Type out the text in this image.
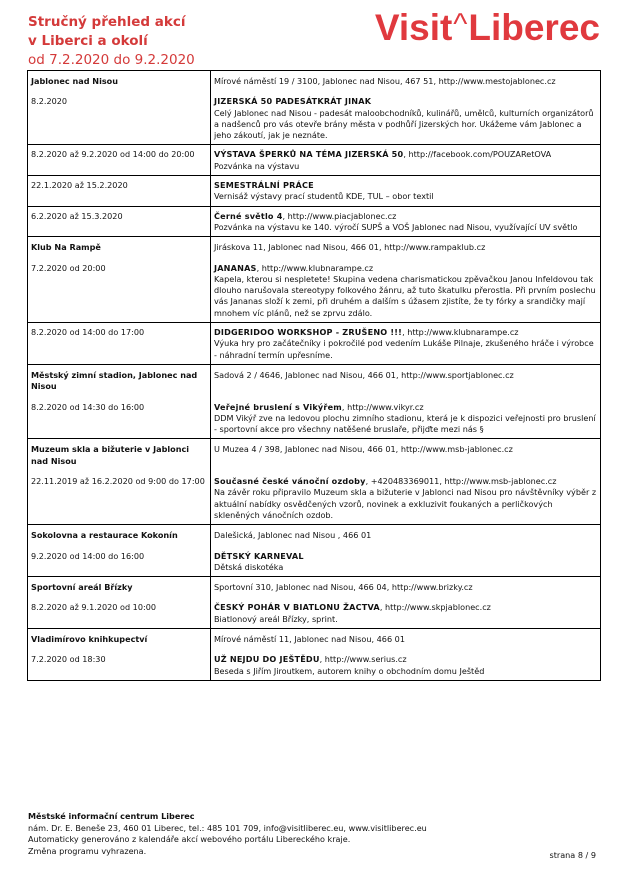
Stručný přehled akcí
v Liberci a okolí
od 7.2.2020 do 9.2.2020
Visit^Liberec
Jablonec nad Nisou	Mírové náměstí 19 / 3100, Jablonec nad Nisou, 467 51, http://www.mestojablonec.cz

8.2.2020	JIZERSKÁ 50 PADESÁTKRÁT JINAK
Celý Jablonec nad Nisou - padesát maloobchodníků, kulinářů, umělců, kulturních organizátorů a nadšenců pro vás otevře brány města v podhůří Jizerských hor. Ukážeme vám Jablonec a jeho zákoutí, jak je neznáte.

8.2.2020 až 9.2.2020 od 14:00 do 20:00	VÝSTAVA ŠPERKŮ NA TÉMA JIZERSKÁ 50, http://facebook.com/POUZARetOVA
Pozvánka na výstavu

22.1.2020 až 15.2.2020	SEMESTRÁLNÍ PRÁCE
Vernisáž výstavy prací studentů KDE, TUL – obor textil

6.2.2020 až 15.3.2020	Černé světlo 4, http://www.piacjablonec.cz
Pozvánka na výstavu ke 140. výročí SUPŠ a VOŠ Jablonec nad Nisou, využívající UV světlo

Klub Na Rampě	Jiráskova 11, Jablonec nad Nisou, 466 01, http://www.rampaklub.cz

7.2.2020 od 20:00	JANANAS, http://www.klubnarampe.cz
Kapela, kterou si nespletete! Skupina vedena charismatickou zpěvačkou Janou Infeldovou tak dlouho narušovala stereotypy folkového žánru, až tuto škatulku přerostla. Při prvním poslechu vás Jananas složí k zemi, při druhém a dalším s úžasem zjistíte, že ty fórky a srandičky mají mnohem víc plánů, než se zprvu zdálo.

8.2.2020 od 14:00 do 17:00	DIDGERIDOO WORKSHOP - ZRUŠENO !!!, http://www.klubnarampe.cz
Výuka hry pro začátečníky i pokročilé pod vedením Lukáše Pilnaje, zkušeného hráče i výrobce - náhradní termín upřesníme.

Městský zimní stadion, Jablonec nad Nisou	Sadová 2 / 4646, Jablonec nad Nisou, 466 01, http://www.sportjablonec.cz

8.2.2020 od 14:30 do 16:00	Veřejné bruslení s Vikýřem, http://www.vikyr.cz
DDM Vikýř zve na ledovou plochu zimního stadionu, která je k dispozici veřejnosti pro bruslení - sportovní akce pro všechny natěšené bruslaře, přijďte mezi nás §

Muzeum skla a bižuterie v Jablonci nad Nisou	U Muzea 4 / 398, Jablonec nad Nisou, 466 01, http://www.msb-jablonec.cz

22.11.2019 až 16.2.2020 od 9:00 do 17:00	Současné české vánoční ozdoby, +420483369011, http://www.msb-jablonec.cz
Na závěr roku připravilo Muzeum skla a bižuterie v Jablonci nad Nisou pro návštěvníky výběr z aktuální nabídky osvědčených vzorů, novinek a exkluzivit foukaných a perličkových skleněných vánočních ozdob.

Sokolovna a restaurace Kokonín	Dalešická, Jablonec nad Nisou , 466 01

9.2.2020 od 14:00 do 16:00	DĚTSKÝ KARNEVAL
Dětská diskotéka

Sportovní areál Břízky	Sportovní 310, Jablonec nad Nisou, 466 04, http://www.brizky.cz

8.2.2020 až 9.1.2020 od 10:00	ČESKÝ POHÁR V BIATLONU ŽACTVA, http://www.skpjablonec.cz
Biatlonový areál Břízky, sprint.

Vladimírovo knihkupectví	Mírové náměstí 11, Jablonec nad Nisou, 466 01

7.2.2020 od 18:30	UŽ NEJDU DO JEŠTĚDU, http://www.serius.cz
Beseda s Jiřím Jiroutkem, autorem knihy o obchodním domu Ještěd
Městské informační centrum Liberec
nám. Dr. E. Beneše 23, 460 01 Liberec, tel.: 485 101 709, info@visitliberec.eu, www.visitliberec.eu
Automaticky generováno z kalendáře akcí webového portálu Libereckého kraje.
Změna programu vyhrazena.	strana 8 / 9
